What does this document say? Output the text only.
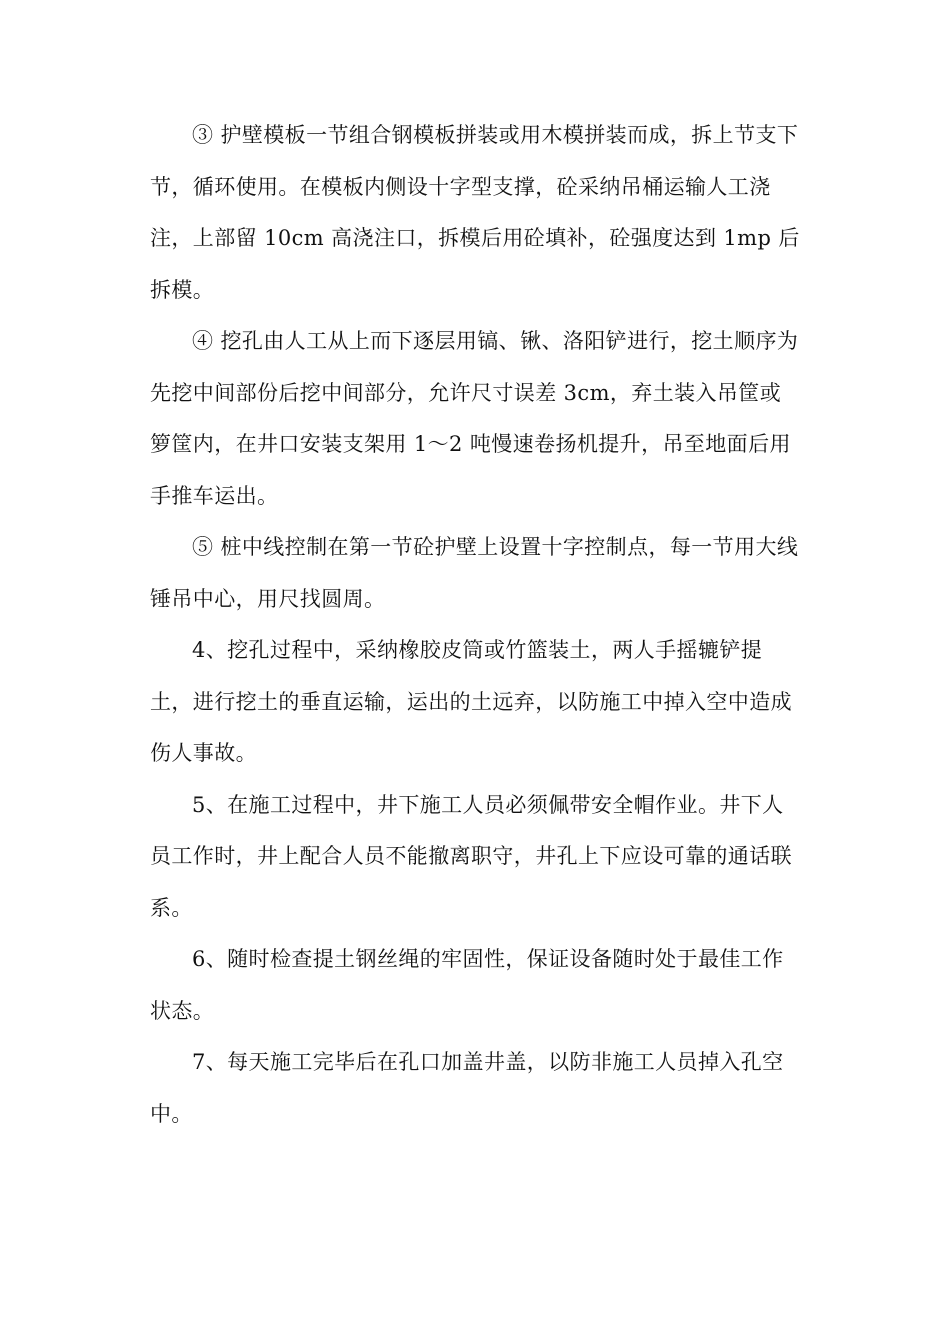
③ 护壁模板一节组合钢模板拼装或用木模拼装而成，拆上节支下节，循环使用。在模板内侧设十字型支撑，砼采纳吊桶运输人工浇注，上部留 10cm 高浇注口，拆模后用砼填补，砼强度达到 1mp 后拆模。

④ 挖孔由人工从上而下逐层用镐、锹、洛阳铲进行，挖土顺序为先挖中间部份后挖中间部分，允许尺寸误差 3cm，弃土装入吊筐或箩筐内，在井口安装支架用 1～2 吨慢速卷扬机提升，吊至地面后用手推车运出。

⑤ 桩中线控制在第一节砼护壁上设置十字控制点，每一节用大线锤吊中心，用尺找圆周。

4、挖孔过程中，采纳橡胶皮筒或竹篮装土，两人手摇辘铲提土，进行挖土的垂直运输，运出的土远弃，以防施工中掉入空中造成伤人事故。

5、在施工过程中，井下施工人员必须佩带安全帽作业。井下人员工作时，井上配合人员不能撤离职守，井孔上下应设可靠的通话联系。

6、随时检查提土钢丝绳的牢固性，保证设备随时处于最佳工作状态。

7、每天施工完毕后在孔口加盖井盖，以防非施工人员掉入孔空中。
